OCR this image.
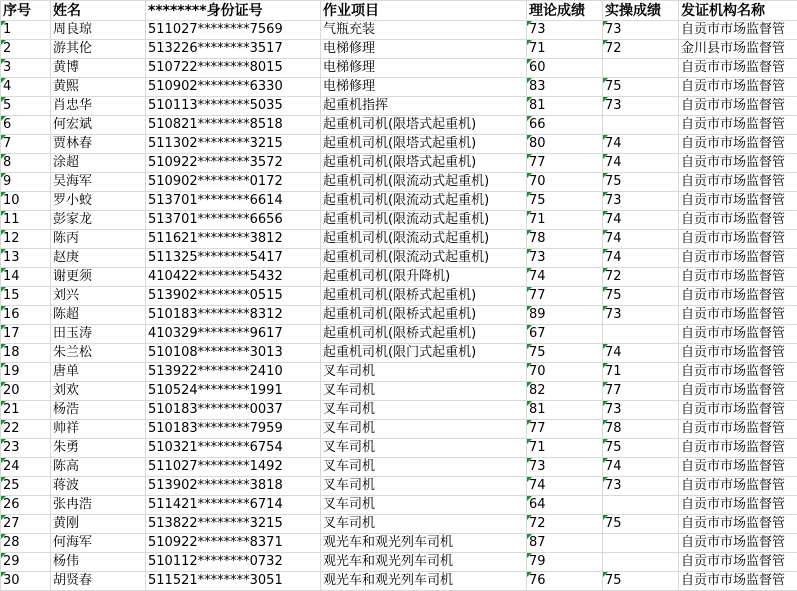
序号	姓名	********身份证号	作业项目	理论成绩	实操成绩	发证机构名称
1	周良琼	511027********7569	气瓶充装	73	73	自贡市市场监督管
2	游其伦	513226********3517	电梯修理	71	72	金川县市场监督管
3	黄博	510722********8015	电梯修理	60		自贡市市场监督管
4	黄熙	510902********6330	电梯修理	83	75	自贡市市场监督管
5	肖忠华	510113********5035	起重机指挥	81	73	自贡市市场监督管
6	何宏斌	510821********8518	起重机司机(限塔式起重机)	66		自贡市市场监督管
7	贾林春	511302********3215	起重机司机(限塔式起重机)	80	74	自贡市市场监督管
8	涂超	510922********3572	起重机司机(限塔式起重机)	77	74	自贡市市场监督管
9	吴海军	510902********0172	起重机司机(限流动式起重机)	70	75	自贡市市场监督管
10	罗小蛟	513701********6614	起重机司机(限流动式起重机)	75	73	自贡市市场监督管
11	彭家龙	513701********6656	起重机司机(限流动式起重机)	71	74	自贡市市场监督管
12	陈丙	511621********3812	起重机司机(限流动式起重机)	78	74	自贡市市场监督管
13	赵庚	511325********5417	起重机司机(限流动式起重机)	73	74	自贡市市场监督管
14	谢更须	410422********5432	起重机司机(限升降机)	74	72	自贡市市场监督管
15	刘兴	513902********0515	起重机司机(限桥式起重机)	77	75	自贡市市场监督管
16	陈超	510183********8312	起重机司机(限桥式起重机)	89	73	自贡市市场监督管
17	田玉涛	410329********9617	起重机司机(限桥式起重机)	67		自贡市市场监督管
18	朱兰松	510108********3013	起重机司机(限门式起重机)	75	74	自贡市市场监督管
19	唐单	513922********2410	叉车司机	70	71	自贡市市场监督管
20	刘欢	510524********1991	叉车司机	82	77	自贡市市场监督管
21	杨浩	510183********0037	叉车司机	81	73	自贡市市场监督管
22	帅祥	510183********7959	叉车司机	77	78	自贡市市场监督管
23	朱勇	510321********6754	叉车司机	71	75	自贡市市场监督管
24	陈高	511027********1492	叉车司机	73	74	自贡市市场监督管
25	蒋波	513902********3818	叉车司机	74	73	自贡市市场监督管
26	张冉浩	511421********6714	叉车司机	64		自贡市市场监督管
27	黄刚	513822********3215	叉车司机	72	75	自贡市市场监督管
28	何海军	510922********8371	观光车和观光列车司机	87		自贡市市场监督管
29	杨伟	510112********0732	观光车和观光列车司机	79		自贡市市场监督管
30	胡贤春	511521********3051	观光车和观光列车司机	76	75	自贡市市场监督管
